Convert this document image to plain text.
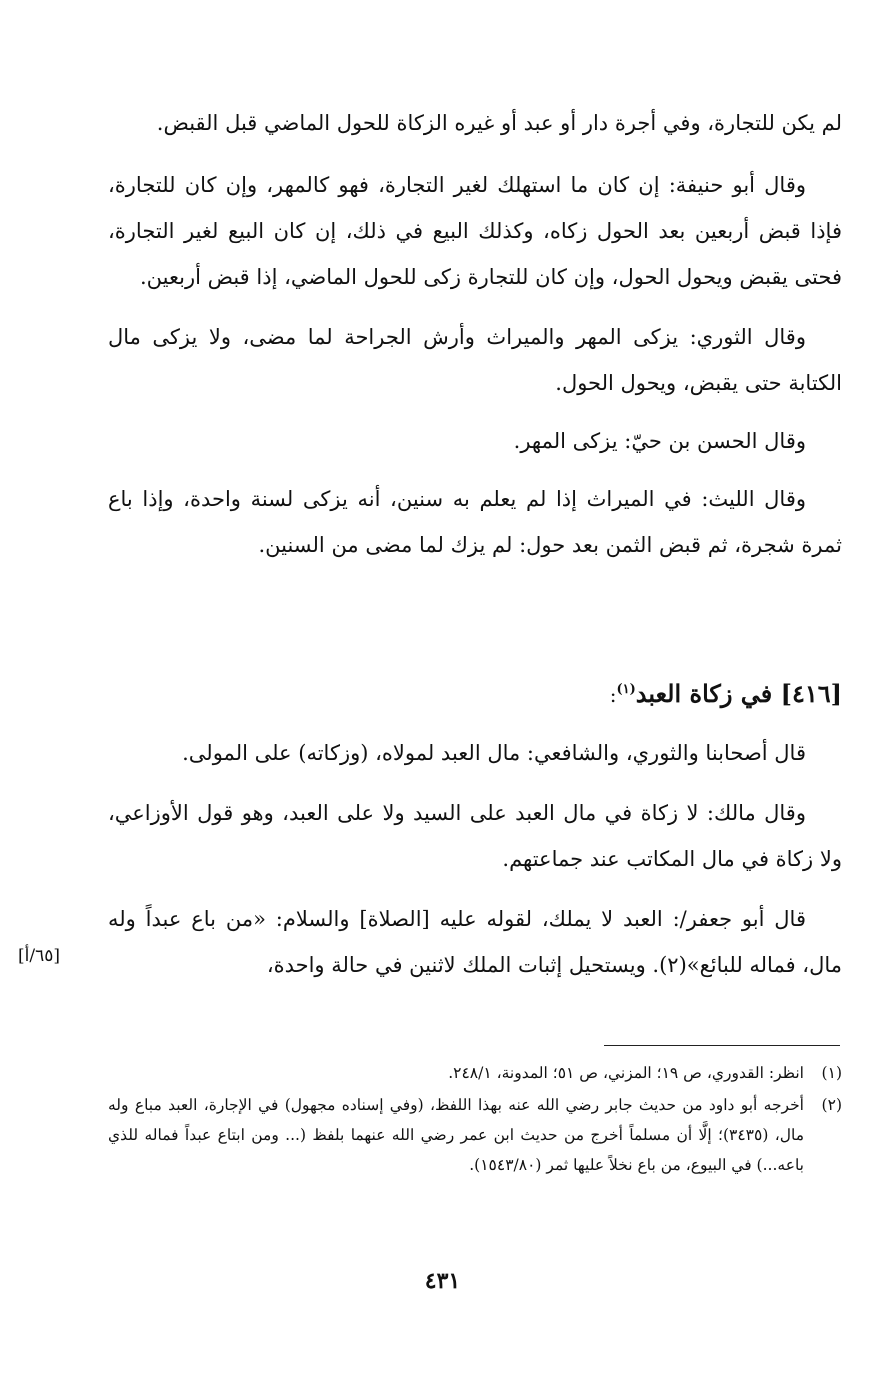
لم يكن للتجارة، وفي أجرة دار أو عبد أو غيره الزكاة للحول الماضي قبل القبض.

وقال أبو حنيفة: إن كان ما استهلك لغير التجارة، فهو كالمهر، وإن كان للتجارة، فإذا قبض أربعين بعد الحول زكاه، وكذلك البيع في ذلك، إن كان البيع لغير التجارة، فحتى يقبض ويحول الحول، وإن كان للتجارة زكى للحول الماضي، إذا قبض أربعين.

وقال الثوري: يزكى المهر والميراث وأرش الجراحة لما مضى، ولا يزكى مال الكتابة حتى يقبض، ويحول الحول.

وقال الحسن بن حيّ: يزكى المهر.

وقال الليث: في الميراث إذا لم يعلم به سنين، أنه يزكى لسنة واحدة، وإذا باع ثمرة شجرة، ثم قبض الثمن بعد حول: لم يزك لما مضى من السنين.

[٤١٦] في زكاة العبد$^{(١)}$:

قال أصحابنا والثوري، والشافعي: مال العبد لمولاه، (وزكاته) على المولى.

وقال مالك: لا زكاة في مال العبد على السيد ولا على العبد، وهو قول الأوزاعي، ولا زكاة في مال المكاتب عند جماعتهم.

قال أبو جعفر/: العبد لا يملك، لقوله عليه [الصلاة] والسلام: «من باع عبداً وله مال، فماله للبائع»(٢). ويستحيل إثبات الملك لاثنين في حالة واحدة،

[٦٥/أ]
(١)
انظر: القدوري، ص ١٩؛ المزني، ص ٥١؛ المدونة، ٢٤٨/١.
(٢)
أخرجه أبو داود من حديث جابر رضي الله عنه بهذا اللفظ، (وفي إسناده مجهول) في الإجارة، العبد مباع وله مال، (٣٤٣٥)؛ إلَّا أن مسلماً أخرج من حديث ابن عمر رضي الله عنهما بلفظ (... ومن ابتاع عبداً فماله للذي باعه...) في البيوع، من باع نخلاً عليها ثمر (١٥٤٣/٨٠).
٤٣١
